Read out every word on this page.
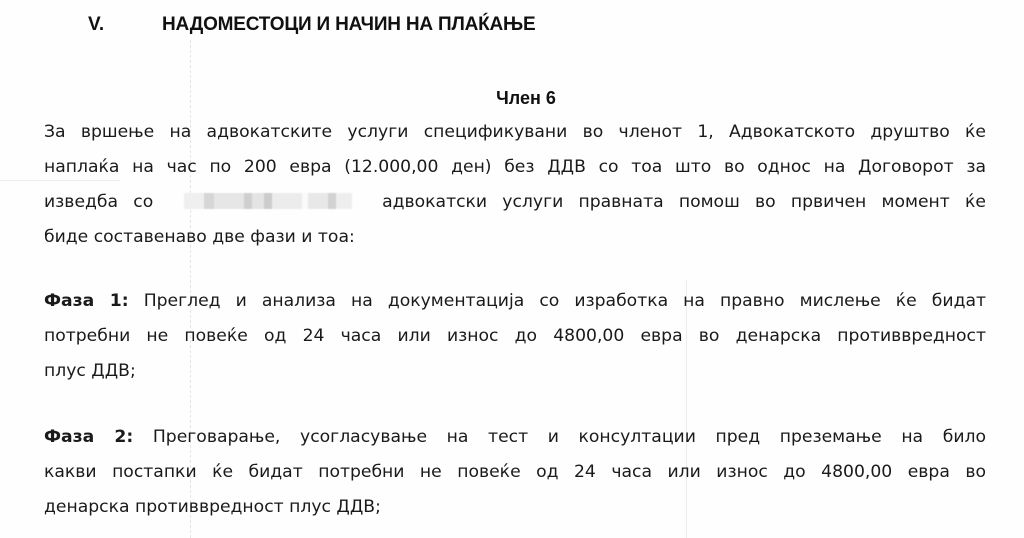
V.	НАДОМЕСТОЦИ И НАЧИН НА ПЛАЌАЊЕ
Член 6
За вршење на адвокатските услуги спецификувани во членот 1, Адвокатското друштво ќе
наплаќа на час по 200 евра (12.000,00 ден) без ДДВ со тоа што во однос на Договорот за
изведба со	адвокатски услуги правната помош во првичен момент ќе
биде составенаво две фази и тоа:
Фаза 1: Преглед и анализа на документација со изработка на правно мислење ќе бидат
потребни не повеќе од 24 часа или износ до 4800,00 евра во денарска противвредност
плус ДДВ;
Фаза 2: Преговарање, усогласување на тест и консултации пред преземање на било
какви постапки ќе бидат потребни не повеќе од 24 часа или износ до 4800,00 евра во
денарска противвредност плус ДДВ;
